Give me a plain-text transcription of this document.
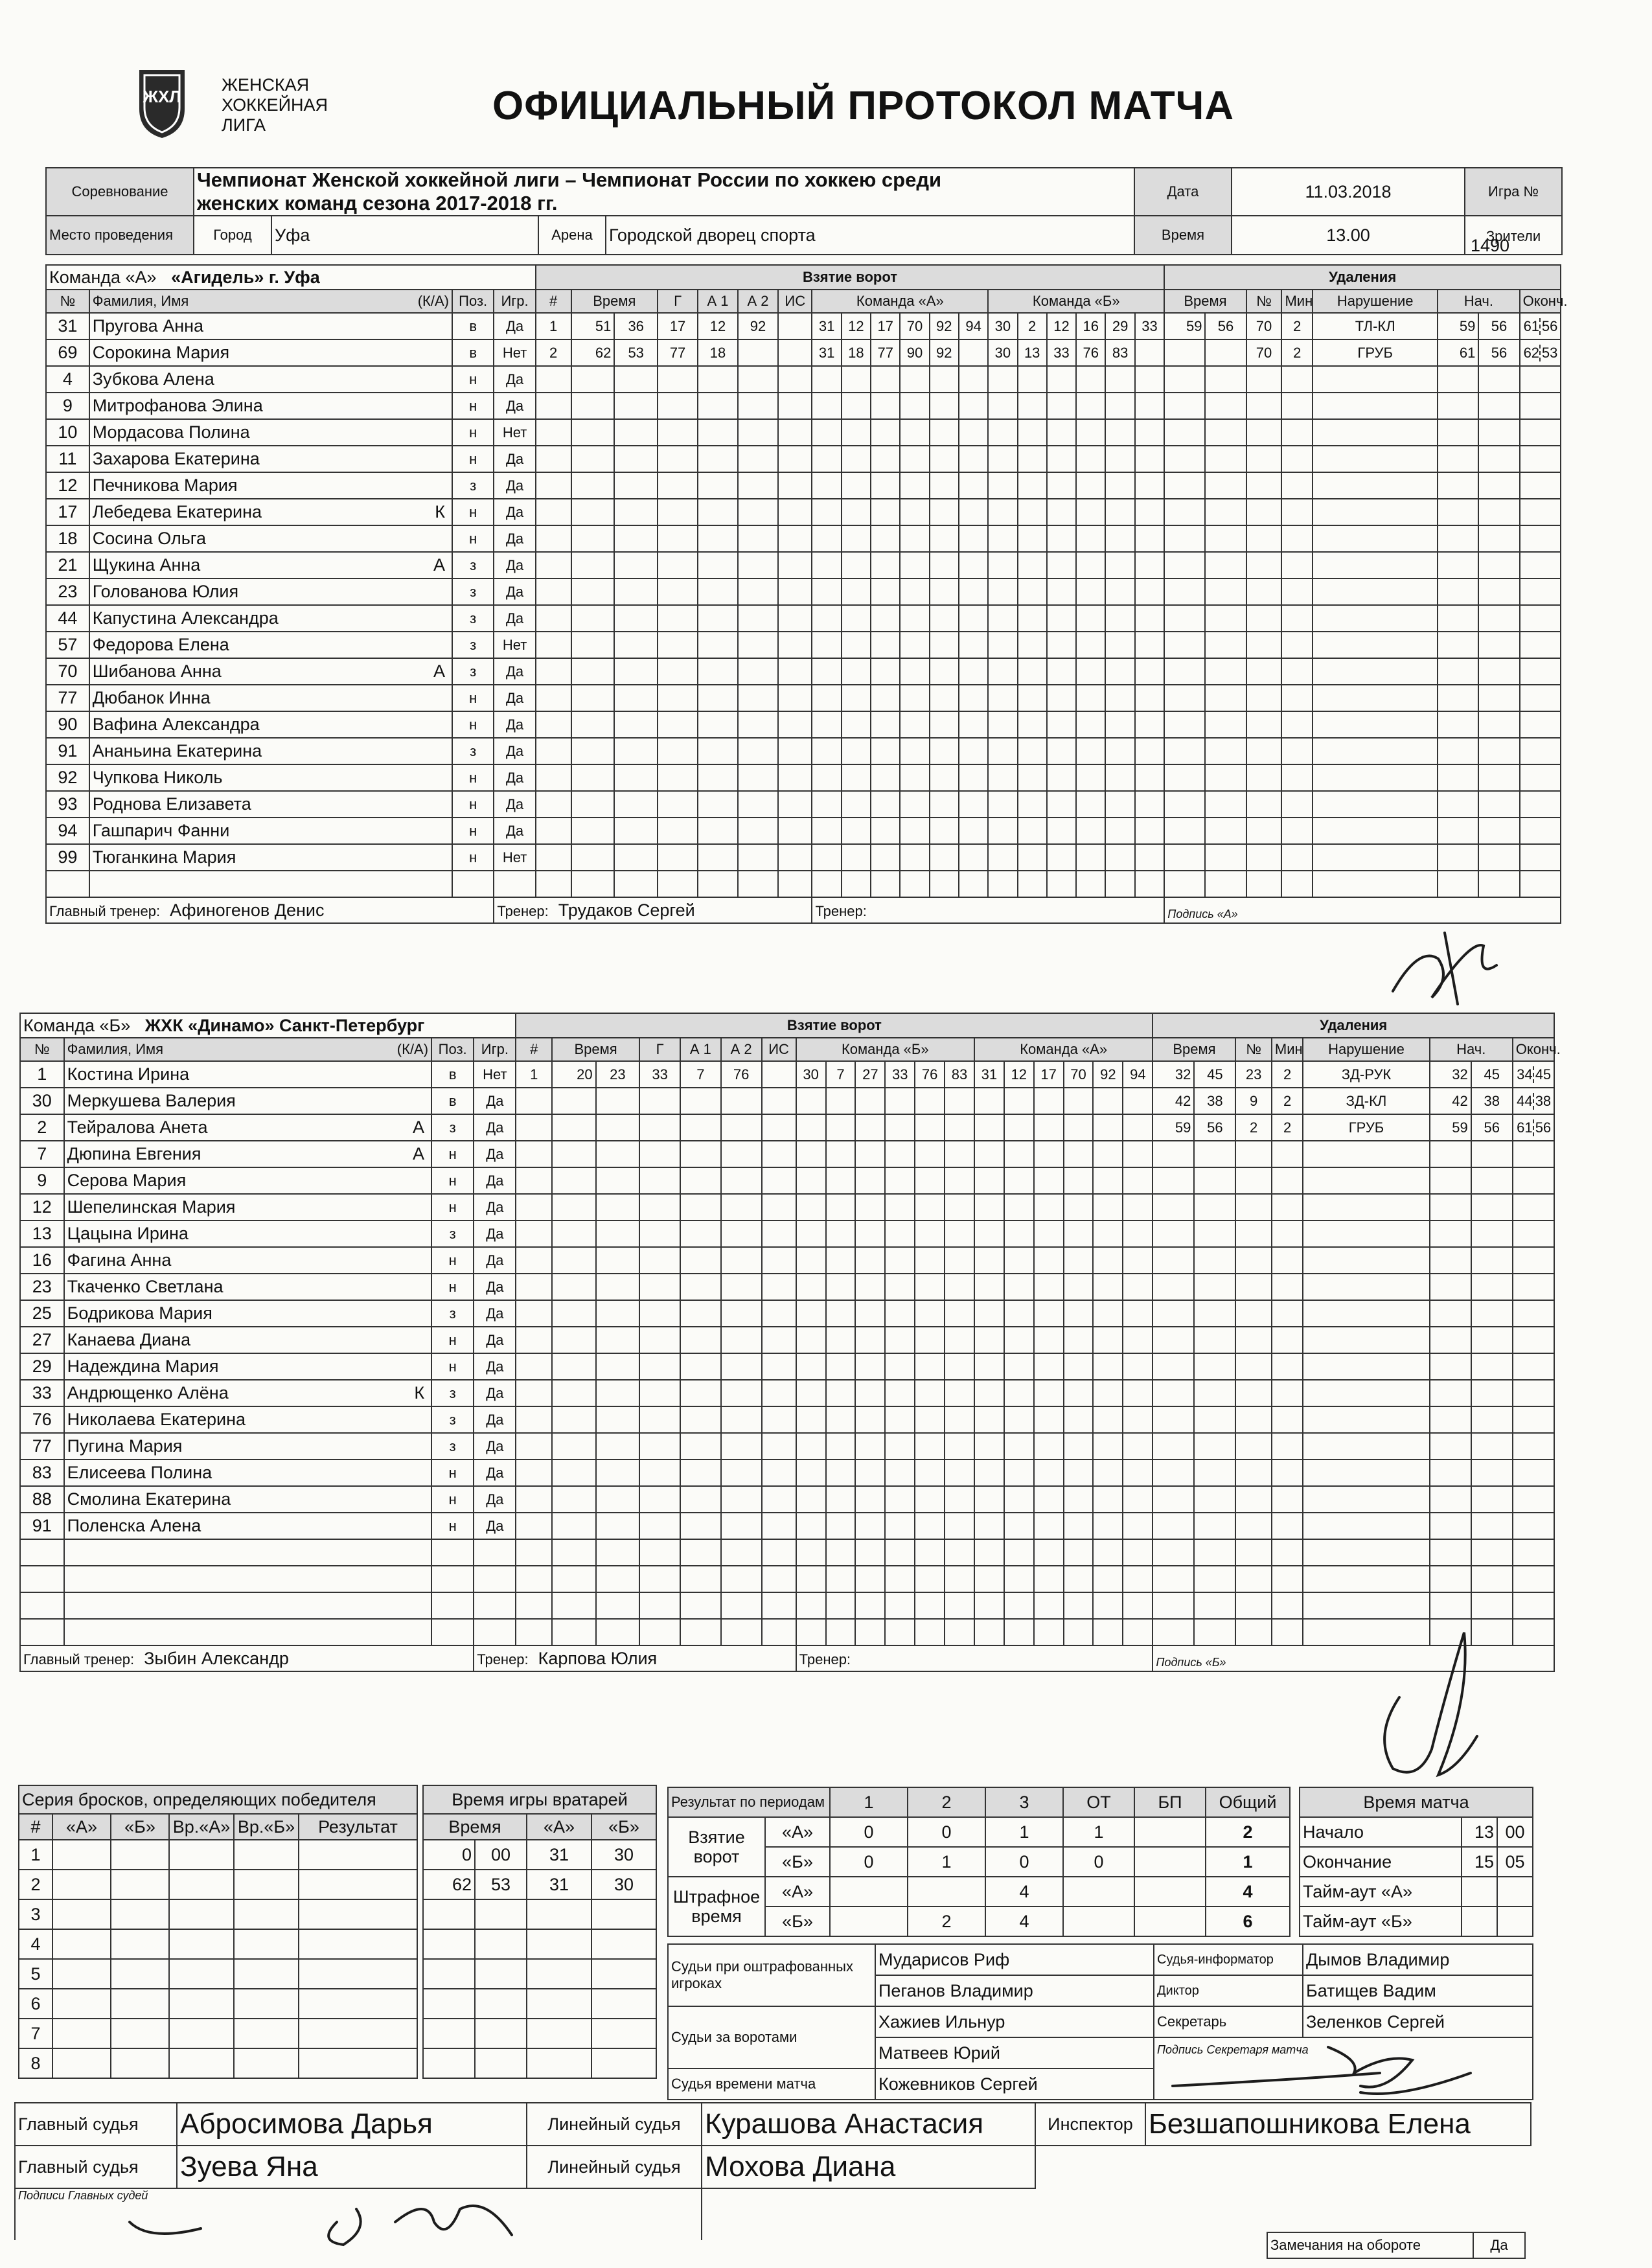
ЖХЛ
ЖЕНСКАЯ
ХОККЕЙНАЯ
ЛИГА	ОФИЦИАЛЬНЫЙ ПРОТОКОЛ МАТЧА
Соревнование	Чемпионат Женской хоккейной лиги – Чемпионат России по хоккею среди
женских команд сезона 2017-2018 гг.				Дата	11.03.2018	Игра №	
Место проведения	Город	Уфа	Арена	Городской дворец спорта	Время	13.00	Зрители	
1490
Команда «А» «Агидель» г. Уфа				Взятие ворот																			Удаления							
№	Фамилия, Имя (К/А)	Поз.	Игр.	#	Время		Г	А 1	А 2	ИС	Команда «А»						Команда «Б»						Время		№	Мин	Нарушение	Нач.		Оконч.
31	Пругова Анна	в	Да	1	51	36	17	12	92		31	12	17	70	92	94	30	2	12	16	29	33	59	56	70	2	ТЛ-КЛ	59	56	61 56
69	Сорокина Мария	в	Нет	2	62	53	77	18			31	18	77	90	92		30	13	33	76	83				70	2	ГРУБ	61	56	62 53
4	Зубкова Алена	н	Да																											
9	Митрофанова Элина	н	Да																											
10	Мордасова Полина	н	Нет																											
11	Захарова Екатерина	н	Да																											
12	Печникова Мария	з	Да																											
17	Лебедева Екатерина К	н	Да																											
18	Сосина Ольга	н	Да																											
21	Щукина Анна А	з	Да																											
23	Голованова Юлия	з	Да																											
44	Капустина Александра	з	Да																											
57	Федорова Елена	з	Нет																											
70	Шибанова Анна А	з	Да																											
77	Дюбанок Инна	н	Да																											
90	Вафина Александра	н	Да																											
91	Ананьина Екатерина	з	Да																											
92	Чупкова Николь	н	Да																											
93	Роднова Елизавета	н	Да																											
94	Гашпарич Фанни	н	Да																											
99	Тюганкина Мария	н	Нет																											

Главный тренер: Афиногенов Денис			Тренер: Трудаков Сергей								Тренер:												Подпись «А»							
Команда «Б» ЖХК «Динамо» Санкт-Петербург				Взятие ворот																			Удаления							
№	Фамилия, Имя (К/А)	Поз.	Игр.	#	Время		Г	А 1	А 2	ИС	Команда «Б»						Команда «А»						Время		№	Мин	Нарушение	Нач.		Оконч.
1	Костина Ирина	в	Нет	1	20	23	33	7	76		30	7	27	33	76	83	31	12	17	70	92	94	32	45	23	2	ЗД-РУК	32	45	34 45
30	Меркушева Валерия	в	Да																				42	38	9	2	ЗД-КЛ	42	38	44 38
2	Тейралова Анета А	з	Да																				59	56	2	2	ГРУБ	59	56	61 56
7	Дюпина Евгения А	н	Да																											
9	Серова Мария	н	Да																											
12	Шепелинская Мария	н	Да																											
13	Цацына Ирина	з	Да																											
16	Фагина Анна	н	Да																											
23	Ткаченко Светлана	н	Да																											
25	Бодрикова Мария	з	Да																											
27	Канаева Диана	н	Да																											
29	Надеждина Мария	н	Да																											
33	Андрющенко Алёна К	з	Да																											
76	Николаева Екатерина	з	Да																											
77	Пугина Мария	з	Да																											
83	Елисеева Полина	н	Да																											
88	Смолина Екатерина	н	Да																											
91	Поленска Алена	н	Да																											

Главный тренер: Зыбин Александр			Тренер: Карпова Юлия								Тренер:												Подпись «Б»							
Серия бросков, определяющих победителя					
#	«А»	«Б»	Вр.«А»	Вр.«Б»	Результат
1					
2					
3					
4					
5					
6					
7					
8					
Время игры вратарей			
Время		«А»	«Б»
0	00	31	30
62	53	31	30

Результат по периодам		1	2	3	ОТ	БП	Общий
Взятие ворот	«А»	0	0	1	1		2
	«Б»	0	1	0	0		1
Штрафное время	«А»			4			4
	«Б»		2	4			6
Время матча		
Начало	13	00
Окончание	15	05
Тайм-аут «А»		
Тайм-аут «Б»		
Судьи при оштрафованных игроках	Мударисов Риф	Судья-информатор	Дымов Владимир
	Пеганов Владимир	Диктор	Батищев Вадим
Судьи за воротами	Хажиев Ильнур	Секретарь	Зеленков Сергей
	Матвеев Юрий	Подпись Секретаря матча	
Судья времени матча	Кожевников Сергей		
Главный судья	Абросимова Дарья	Линейный судья	Курашова Анастасия	Инспектор	Безшапошникова Елена
Главный судья	Зуева Яна	Линейный судья	Мохова Диана		
Подписи Главных судей					
Замечания на обороте	Да
